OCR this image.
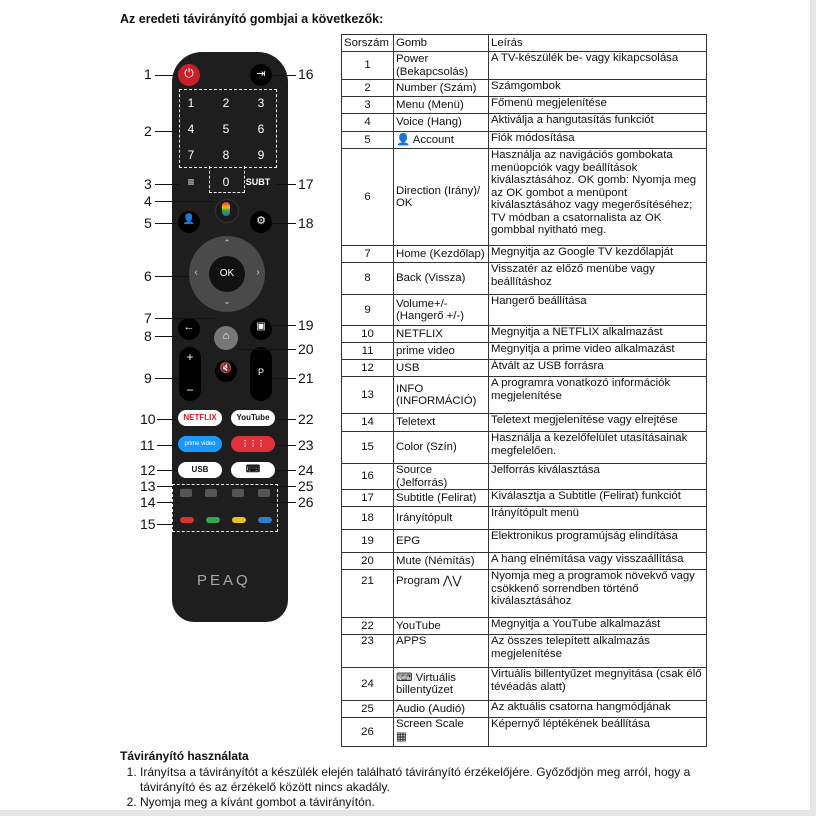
Az eredeti távirányító gombjai a következők:
⏻	⇥
1	2	3
4	5	6
7	8	9
0
≡	SUBT
👤	⚙
OK
⌃
⌄
‹	›
←
⌂
▣
+
−
🔇	P
NETFLIX	YouTube
prime video	⋮⋮⋮
USB	⌨
PEAQ
1
2
3
4
5
6
7
8
9
10
11
12
13
14
15
16
17
18
19
20
21
22
23
24
25
26
Sorszám	Gomb	Leírás
1	Power (Bekapcsolás)	A TV-készülék be- vagy kikapcsolása
2	Number (Szám)	Számgombok
3	Menu (Menü)	Főmenü megjelenítése
4	Voice (Hang)	Aktiválja a hangutasítás funkciót
5	👤 Account	Fiók módosítása
6	Direction (Irány)/ OK	Használja az navigációs gombokata menüopciók vagy beállítások kiválasztásához. OK gomb: Nyomja meg az OK gombot a menüpont kiválasztásához vagy megerősítéséhez; TV módban a csatornalista az OK gombbal nyitható meg.
7	Home (Kezdőlap)	Megnyitja az Google TV kezdőlapját
8	Back (Vissza)	Visszatér az előző menübe vagy beállításhoz
9	Volume+/- (Hangerő +/-)	Hangerő beállítása
10	NETFLIX	Megnyitja a NETFLIX alkalmazást
11	prime video	Megnyitja a prime video alkalmazást
12	USB	Átvált az USB forrásra
13	INFO (INFORMÁCIÓ)	A programra vonatkozó információk megjelenítése
14	Teletext	Teletext megjelenítése vagy elrejtése
15	Color (Szín)	Használja a kezelőfelület utasításainak megfelelően.
16	Source (Jelforrás)	Jelforrás kiválasztása
17	Subtitle (Felirat)	Kiválasztja a Subtitle (Felirat) funkciót
18	Irányítópult	Irányítópult menü
19	EPG	Elektronikus programújság elindítása
20	Mute (Némítás)	A hang elnémítása vagy visszaállítása
21	Program ⋀⋁	Nyomja meg a programok növekvő vagy csökkenő sorrendben történő kiválasztásához
22	YouTube	Megnyitja a YouTube alkalmazást
23	APPS	Az összes telepített alkalmazás megjelenítése
24	⌨ Virtuális billentyűzet	Virtuális billentyűzet megnyitása (csak élő tévéadás alatt)
25	Audio (Audió)	Az aktuális csatorna hangmódjának
26	Screen Scale
▦	Képernyő léptékének beállítása
Távirányító használata
1. Irányítsa a távirányítót a készülék elején található távirányító érzékelőjére. Győződjön meg arról, hogy a távirányító és az érzékelő között nincs akadály.
2. Nyomja meg a kívánt gombot a távirányítón.
